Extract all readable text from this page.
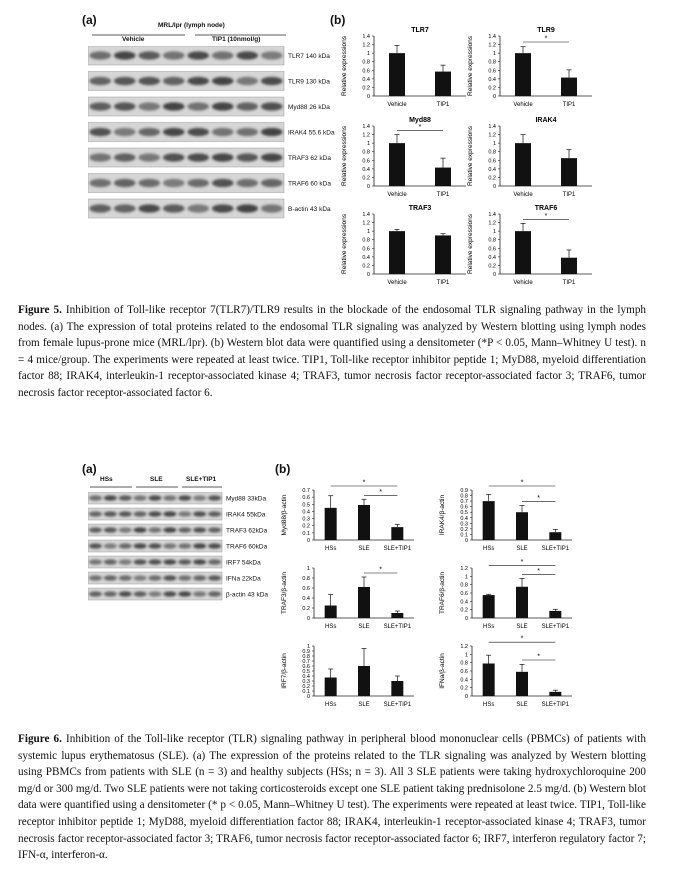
(a)	MRL/lpr (lymph node)
Vehicle	TIP1 (10nmol/g)
TLR7 140 kDa
TLR9 130 kDa
Myd88 26 kDa
IRAK4 55.6 kDa
TRAF3 62 kDa
TRAF6 60 kDa
B-actin 43 kDa
(b)
Figure 5. Inhibition of Toll-like receptor 7(TLR7)/TLR9 results in the blockade of the endosomal TLR signaling pathway in the lymph nodes. (a) The expression of total proteins related to the endosomal TLR signaling was analyzed by Western blotting using lymph nodes from female lupus-prone mice (MRL/lpr). (b) Western blot data were quantified using a densitometer (*P < 0.05, Mann–Whitney U test). n = 4 mice/group. The experiments were repeated at least twice. TIP1, Toll-like receptor inhibitor peptide 1; MyD88, myeloid differentiation factor 88; IRAK4, interleukin-1 receptor-associated kinase 4; TRAF3, tumor necrosis factor receptor-associated factor 3; TRAF6, tumor necrosis factor receptor-associated factor 6.
(a)
HSs	SLE	SLE+TIP1
Myd88 33kDa
IRAK4 55kDa
TRAF3 62kDa
TRAF6 60kDa
IRF7 54kDa
IFNa 22kDa
β-actin 43 kDa
(b)
Figure 6. Inhibition of the Toll-like receptor (TLR) signaling pathway in peripheral blood mononuclear cells (PBMCs) of patients with systemic lupus erythematosus (SLE). (a) The expression of the proteins related to the TLR signaling was analyzed by Western blotting using PBMCs from patients with SLE (n = 3) and healthy subjects (HSs; n = 3). All 3 SLE patients were taking hydroxychloroquine 200 mg/d or 300 mg/d. Two SLE patients were not taking corticosteroids except one SLE patient taking prednisolone 2.5 mg/d. (b) Western blot data were quantified using a densitometer (* p < 0.05, Mann–Whitney U test). The experiments were repeated at least twice. TIP1, Toll-like receptor inhibitor peptide 1; MyD88, myeloid differentiation factor 88; IRAK4, interleukin-1 receptor-associated kinase 4; TRAF3, tumor necrosis factor receptor-associated factor 3; TRAF6, tumor necrosis factor receptor-associated factor 6; IRF7, interferon regulatory factor 7; IFN-α, interferon-α.
TLR7
Relative expressions
0
0.2
0.4
0.6
0.8
1
1.2
1.4
Vehicle	TIP1
TLR9
Relative expressions
0
0.2
0.4
0.6
0.8
1
1.2
1.4
Vehicle	TIP1
*
Myd88
Relative expressions
0
0.2
0.4
0.6
0.8
1
1.2
1.4
Vehicle	TIP1
*
IRAK4
Relative expressions
0
0.2
0.4
0.6
0.8
1
1.2
1.4
Vehicle	TIP1
TRAF3
Relative expressions
0
0.2
0.4
0.6
0.8
1
1.2
1.4
Vehicle	TIP1
TRAF6
Relative expressions
0
0.2
0.4
0.6
0.8
1
1.2
1.4
Vehicle	TIP1
*
Myd88/β-actin
0
0.1
0.2
0.3
0.4
0.5
0.6
0.7
HSs	SLE SLE+TIP1
*
*
IRAK4/β-actin
0
0.1
0.2
0.3
0.4
0.5
0.6
0.7
0.8
0.9
HSs	SLE SLE+TIP1
*
*
TRAF3/β-actin
0
0.2
0.4
0.6
0.8
1
HSs	SLE SLE+TIP1
*
TRAF6/β-actin
0
0.2
0.4
0.6
0.8
1
1.2
HSs	SLE SLE+TIP1
*
*
IRF7/β-actin
0
0.1
0.2
0.3
0.4
0.5
0.6
0.7
0.8
0.9
1
HSs	SLE SLE+TIP1
IFNa/β-actin
0
0.2
0.4
0.6
0.8
1
1.2
HSs	SLE SLE+TIP1
*
*
